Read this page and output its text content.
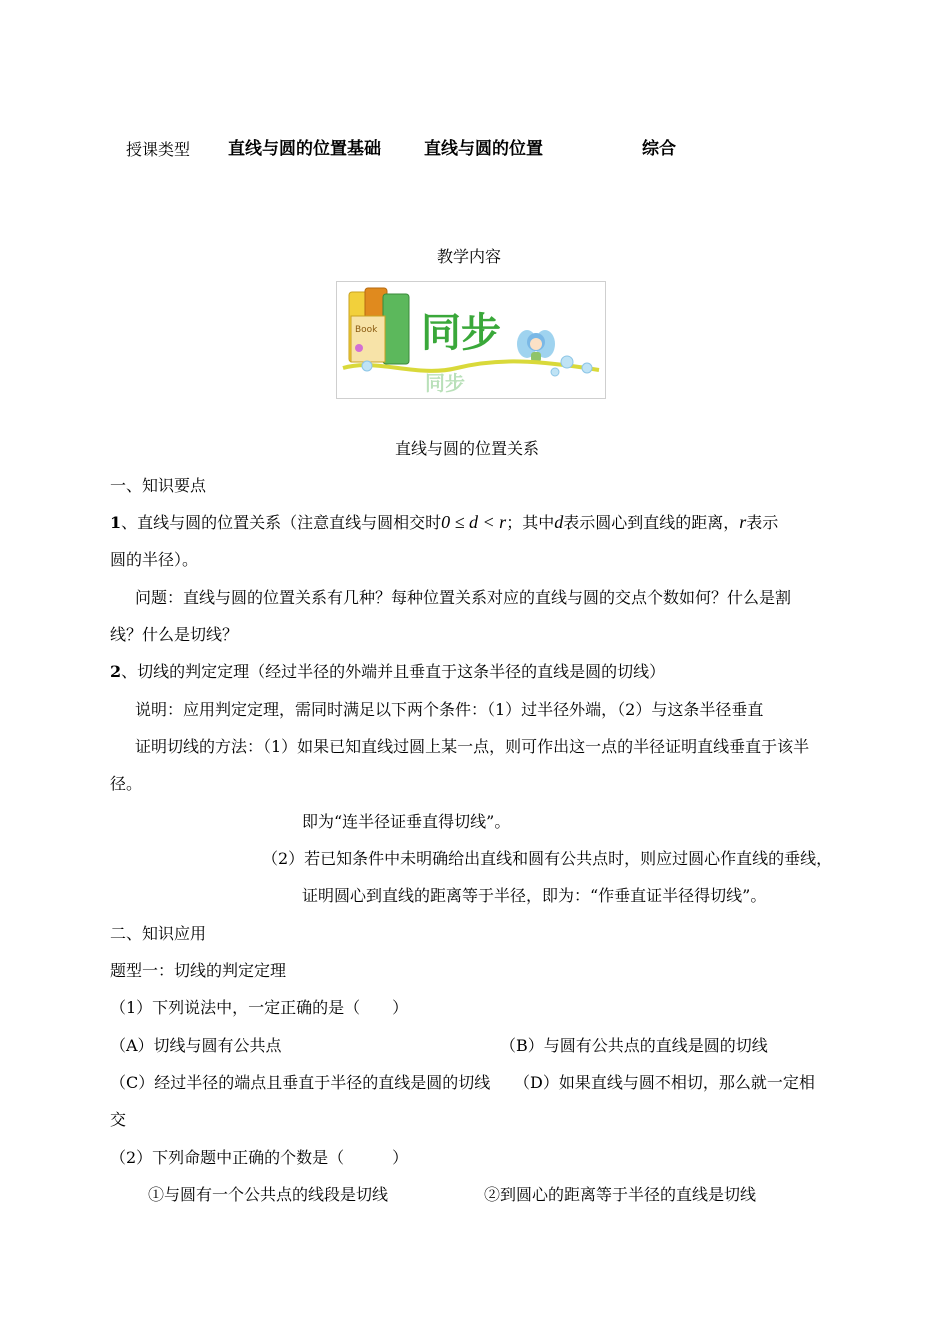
授课类型 直线与圆的位置基础	直线与圆的位置	综合
教学内容
Book 同步
同步
直线与圆的位置关系
一、知识要点
1、直线与圆的位置关系（注意直线与圆相交时0 ≤ d < r；其中d表示圆心到直线的距离，r表示
圆的半径）。
问题：直线与圆的位置关系有几种？每种位置关系对应的直线与圆的交点个数如何？什么是割
线？什么是切线？
2、切线的判定定理（经过半径的外端并且垂直于这条半径的直线是圆的切线）
说明：应用判定定理，需同时满足以下两个条件：（1）过半径外端，（2）与这条半径垂直
证明切线的方法：（1）如果已知直线过圆上某一点，则可作出这一点的半径证明直线垂直于该半
径。
即为“连半径证垂直得切线”。
（2）若已知条件中未明确给出直线和圆有公共点时，则应过圆心作直线的垂线，
证明圆心到直线的距离等于半径，即为：“作垂直证半径得切线”。
二、知识应用
题型一：切线的判定定理
（1）下列说法中，一定正确的是（　　）
（A）切线与圆有公共点	（B）与圆有公共点的直线是圆的切线
（C）经过半径的端点且垂直于半径的直线是圆的切线 （D）如果直线与圆不相切，那么就一定相
交
（2）下列命题中正确的个数是（　　　）
①与圆有一个公共点的线段是切线	②到圆心的距离等于半径的直线是切线
